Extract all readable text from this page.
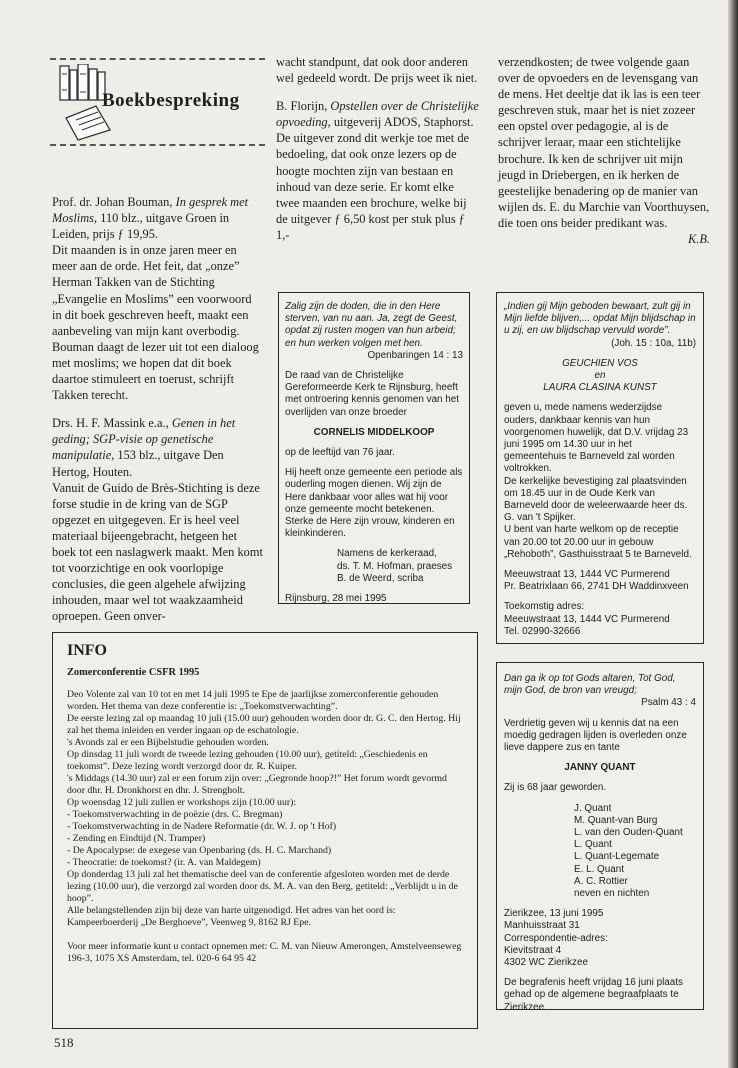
Boekbespreking

Prof. dr. Johan Bouman, In gesprek met Moslims, 110 blz., uitgave Groen in Leiden, prijs ƒ 19,95.

Dit maanden is in onze jaren meer en meer aan de orde. Het feit, dat „onze” Herman Takken van de Stichting „Evangelie en Moslims” een voorwoord in dit boek geschreven heeft, maakt een aanbeveling van mijn kant overbodig. Bouman daagt de lezer uit tot een dialoog met moslims; we hopen dat dit boek daartoe stimuleert en toerust, schrijft Takken terecht.

Drs. H. F. Massink e.a., Genen in het geding; SGP-visie op genetische manipulatie, 153 blz., uitgave Den Hertog, Houten.

Vanuit de Guido de Brès-Stichting is deze forse studie in de kring van de SGP opgezet en uitgegeven. Er is heel veel materiaal bijeengebracht, hetgeen het boek tot een naslagwerk maakt. Men komt tot voorzichtige en ook voorlopige conclusies, die geen algehele afwijzing inhouden, maar wel tot waakzaamheid oproepen. Geen onver-

wacht standpunt, dat ook door anderen wel gedeeld wordt. De prijs weet ik niet.

B. Florijn, Opstellen over de Christelijke opvoeding, uitgeverij ADOS, Staphorst.

De uitgever zond dit werkje toe met de bedoeling, dat ook onze lezers op de hoogte mochten zijn van bestaan en inhoud van deze serie. Er komt elke twee maanden een brochure, welke bij de uitgever ƒ 6,50 kost per stuk plus ƒ 1,-

verzendkosten; de twee volgende gaan over de opvoeders en de levensgang van de mens. Het deeltje dat ik las is een teer geschreven stuk, maar het is niet zozeer een opstel over pedagogie, al is de schrijver leraar, maar een stichtelijke brochure. Ik ken de schrijver uit mijn jeugd in Driebergen, en ik herken de geestelijke benadering op de manier van wijlen ds. E. du Marchie van Voorthuysen, die toen ons beider predikant was.

K.B.

Zalig zijn de doden, die in den Here sterven, van nu aan. Ja, zegt de Geest, opdat zij rusten mogen van hun arbeid; en hun werken volgen met hen.

Openbaringen 14 : 13

De raad van de Christelijke Gereformeerde Kerk te Rijnsburg, heeft met ontroering kennis genomen van het overlijden van onze broeder

CORNELIS MIDDELKOOP

op de leeftijd van 76 jaar.

Hij heeft onze gemeente een periode als ouderling mogen dienen. Wij zijn de Here dankbaar voor alles wat hij voor onze gemeente mocht betekenen.

Sterke de Here zijn vrouw, kinderen en kleinkinderen.

Namens de kerkeraad,

ds. T. M. Hofman, praeses

B. de Weerd, scriba

Rijnsburg, 28 mei 1995

„Indien gij Mijn geboden bewaart, zult gij in Mijn liefde blijven,... opdat Mijn blijdschap in u zij, en uw blijdschap vervuld worde”.

(Joh. 15 : 10a, 11b)

GEUCHIEN VOS

en

LAURA CLASINA KUNST

geven u, mede namens wederzijdse ouders, dankbaar kennis van hun voorgenomen huwelijk, dat D.V. vrijdag 23 juni 1995 om 14.30 uur in het gemeentehuis te Barneveld zal worden voltrokken.

De kerkelijke bevestiging zal plaatsvinden om 18.45 uur in de Oude Kerk van Barneveld door de weleerwaarde heer ds. G. van 't Spijker.

U bent van harte welkom op de receptie van 20.00 tot 20.00 uur in gebouw „Rehoboth”, Gasthuisstraat 5 te Barneveld.

Meeuwstraat 13, 1444 VC Purmerend

Pr. Beatrixlaan 66, 2741 DH Waddinxveen

Toekomstig adres:

Meeuwstraat 13, 1444 VC Purmerend

Tel. 02990-32666

INFO
Zomerconferentie CSFR 1995

Deo Volente zal van 10 tot en met 14 juli 1995 te Epe de jaarlijkse zomerconferentie gehouden worden. Het thema van deze conferentie is: „Toekomstverwachting”.

De eerste lezing zal op maandag 10 juli (15.00 uur) gehouden worden door dr. G. C. den Hertog. Hij zal het thema inleiden en verder ingaan op de eschatologie.

's Avonds zal er een Bijbelstudie gehouden worden.

Op dinsdag 11 juli wordt de tweede lezing gehouden (10.00 uur), getiteld: „Geschiedenis en toekomst”. Deze lezing wordt verzorgd door dr. R. Kuiper.

's Middags (14.30 uur) zal er een forum zijn over: „Gegronde hoop?!” Het forum wordt gevormd door dhr. H. Dronkhorst en dhr. J. Strengholt.

Op woensdag 12 juli zullen er workshops zijn (10.00 uur):

- Toekomstverwachting in de poëzie (drs. C. Bregman)

- Toekomstverwachting in de Nadere Reformatie (dr. W. J. op 't Hof)

- Zending en Eindtijd (N. Tramper)

- De Apocalypse: de exegese van Openbaring (ds. H. C. Marchand)

- Theocratie: de toekomst? (ir. A. van Maldegem)

Op donderdag 13 juli zal het thematische deel van de conferentie afgesloten worden met de derde lezing (10.00 uur), die verzorgd zal worden door ds. M. A. van den Berg, getiteld: „Verblijdt u in de hoop”.

Alle belangstellenden zijn bij deze van harte uitgenodigd. Het adres van het oord is: Kampeerboerderij „De Berghoeve”, Veenweg 9, 8162 RJ Epe.

Voor meer informatie kunt u contact opnemen met: C. M. van Nieuw Amerongen, Amstelveenseweg 196-3, 1075 XS Amsterdam, tel. 020-6 64 95 42

Dan ga ik op tot Gods altaren, Tot God, mijn God, de bron van vreugd;

Psalm 43 : 4

Verdrietig geven wij u kennis dat na een moedig gedragen lijden is overleden onze lieve dappere zus en tante

JANNY QUANT

Zij is 68 jaar geworden.

J. Quant

M. Quant-van Burg

L. van den Ouden-Quant

L. Quant

L. Quant-Legemate

E. L. Quant

A. C. Rottier

neven en nichten

Zierikzee, 13 juni 1995

Manhuisstraat 31

Correspondentie-adres:

Kievitstraat 4

4302 WC Zierikzee

De begrafenis heeft vrijdag 16 juni plaats gehad op de algemene begraafplaats te Zierikzee.

518
